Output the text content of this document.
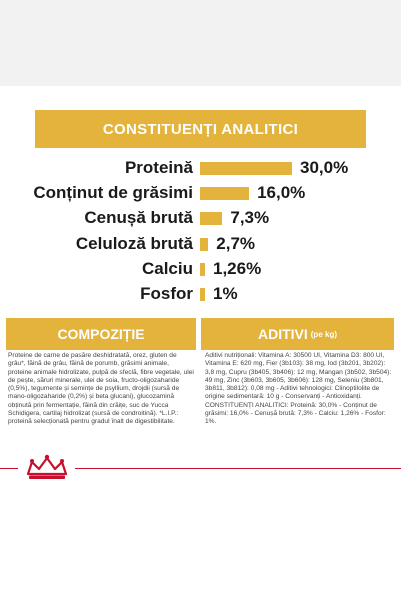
CONSTITUENȚI ANALITICI
Proteină	30,0%
Conținut de grăsimi	16,0%
Cenușă brută 7,3%
Celuloză brută 2,7%
Calciu 1,26%
Fosfor 1%
COMPOZIȚIE	ADITIVI (pe kg)
Proteine de carne de pasăre deshidratată, orez, gluten de grâu*, făină de grâu, făină de porumb, grăsimi animale, proteine animale hidrolizate, pulpă de sfeclă, fibre vegetale, ulei de pește, săruri minerale, ulei de soia, fructo-oligozaharide (0,5%), tegumente și semințe de psyllium, drojdii (sursă de mano-oligozaharide (0,2%) și beta glucani), glucozamină obținută prin fermentație, făină din crăițe, suc de Yucca Schidigera, cartilaj hidrolizat (sursă de condroitină). *L.I.P.: proteină selecționată pentru gradul înalt de digestibilitate.
Aditivi nutriționali: Vitamina A: 30500 UI, Vitamina D3: 800 UI, Vitamina E: 620 mg, Fier (3b103): 38 mg, Iod (3b201, 3b202): 3,8 mg, Cupru (3b405, 3b406): 12 mg, Mangan (3b502, 3b504): 49 mg, Zinc (3b603, 3b605, 3b606): 128 mg, Seleniu (3b801, 3b811, 3b812): 0,08 mg - Aditivi tehnologici: Clinoptilolite de origine sedimentară: 10 g - Conservanți - Antioxidanți. CONSTITUENȚI ANALITICI: Proteină: 30,0% - Conținut de grăsimi: 16,0% - Cenușă brută: 7,3% - Calciu: 1,26% - Fosfor: 1%.
